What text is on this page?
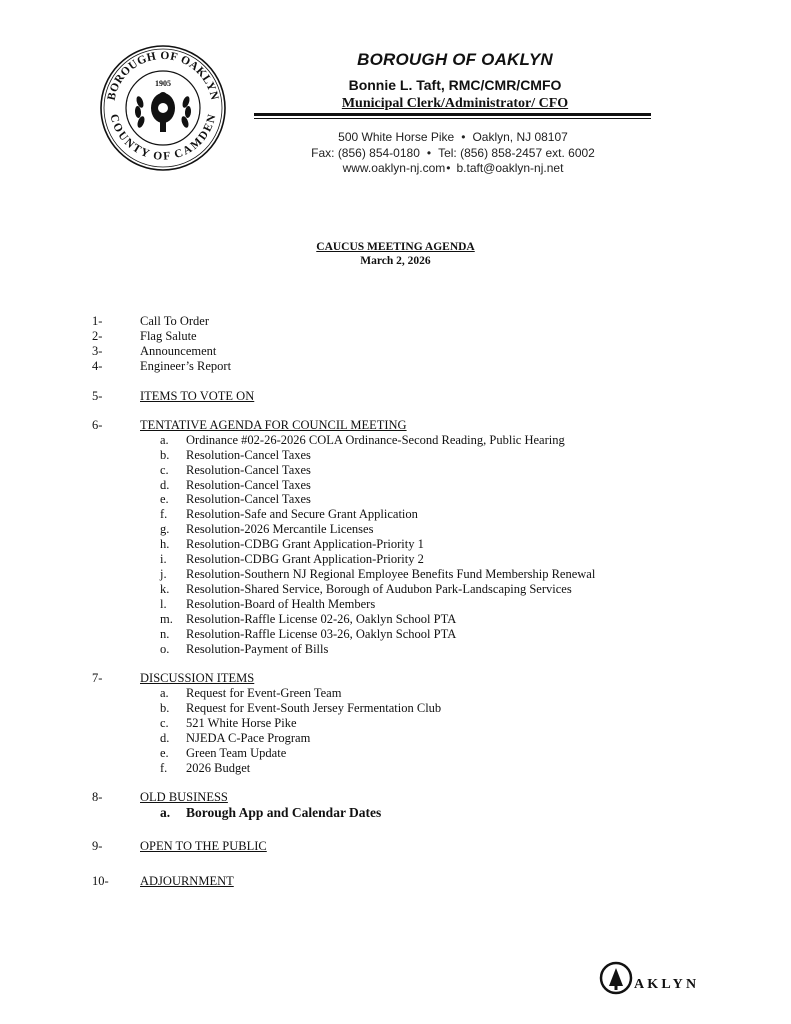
BOROUGH OF OAKLYN
COUNTY OF CAMDEN
1905
BOROUGH OF OAKLYN
Bonnie L. Taft, RMC/CMR/CMFO
Municipal Clerk/Administrator/ CFO
500 White Horse Pike • Oaklyn, NJ 08107
Fax: (856) 854-0180 • Tel: (856) 858-2457 ext. 6002
www.oaklyn-nj.com• b.taft@oaklyn-nj.net
CAUCUS MEETING AGENDA
March 2, 2026
1-	Call To Order
2-	Flag Salute
3-	Announcement
4-	Engineer’s Report
5-	ITEMS TO VOTE ON
6-	TENTATIVE AGENDA FOR COUNCIL MEETING
a.	Ordinance #02-26-2026 COLA Ordinance-Second Reading, Public Hearing
b.	Resolution-Cancel Taxes
c.	Resolution-Cancel Taxes
d.	Resolution-Cancel Taxes
e.	Resolution-Cancel Taxes
f.	Resolution-Safe and Secure Grant Application
g.	Resolution-2026 Mercantile Licenses
h.	Resolution-CDBG Grant Application-Priority 1
i.	Resolution-CDBG Grant Application-Priority 2
j.	Resolution-Southern NJ Regional Employee Benefits Fund Membership Renewal
k.	Resolution-Shared Service, Borough of Audubon Park-Landscaping Services
l.	Resolution-Board of Health Members
m. Resolution-Raffle License 02-26, Oaklyn School PTA
n.	Resolution-Raffle License 03-26, Oaklyn School PTA
o.	Resolution-Payment of Bills
7-	DISCUSSION ITEMS
a.	Request for Event-Green Team
b.	Request for Event-South Jersey Fermentation Club
c.	521 White Horse Pike
d.	NJEDA C-Pace Program
e.	Green Team Update
f.	2026 Budget
8-	OLD BUSINESS
a.	Borough App and Calendar Dates
9-	OPEN TO THE PUBLIC
10-	ADJOURNMENT
AKLYN
